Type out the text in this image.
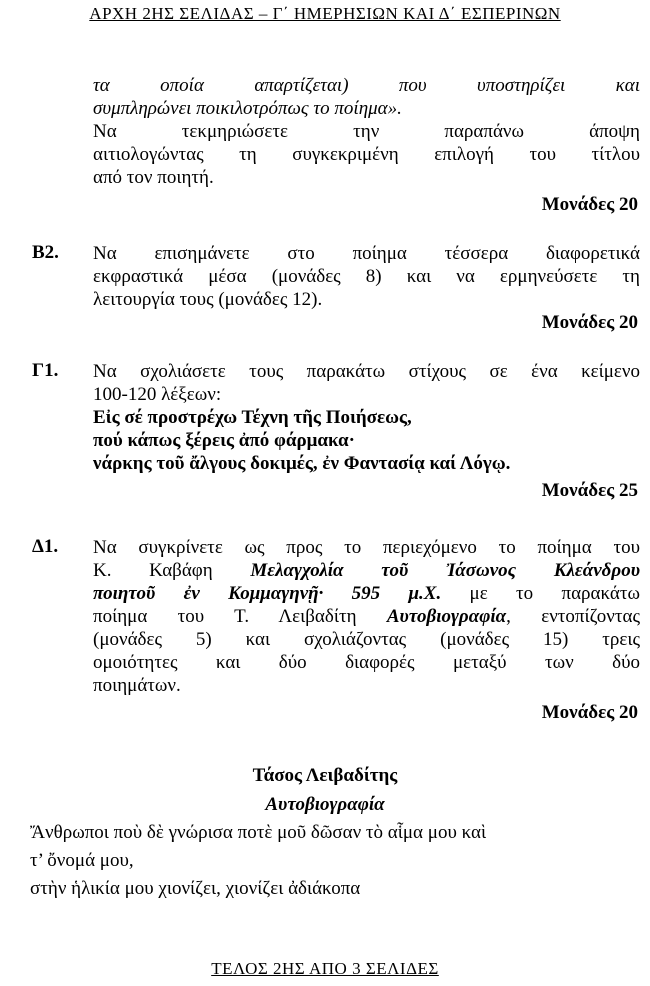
ΑΡΧΗ 2ΗΣ ΣΕΛΙΔΑΣ – Γ΄ ΗΜΕΡΗΣΙΩΝ ΚΑΙ Δ΄ ΕΣΠΕΡΙΝΩΝ
τα οποία απαρτίζεται) που υποστηρίζει και
συμπληρώνει ποικιλοτρόπως το ποίημα».
Να τεκμηριώσετε την παραπάνω άποψη
αιτιολογώντας τη συγκεκριμένη επιλογή του τίτλου
από τον ποιητή.
Μονάδες 20
Β2. Να επισημάνετε στο ποίημα τέσσερα διαφορετικά
εκφραστικά μέσα (μονάδες 8) και να ερμηνεύσετε τη
λειτουργία τους (μονάδες 12).
Μονάδες 20
Γ1. Να σχολιάσετε τους παρακάτω στίχους σε ένα κείμενο
100-120 λέξεων:
Εἰς σέ προστρέχω Τέχνη τῆς Ποιήσεως,
πού κάπως ξέρεις ἀπό φάρμακα·
νάρκης τοῦ ἄλγους δοκιμές, ἐν Φαντασίᾳ καί Λόγῳ.
Μονάδες 25
Δ1. Να συγκρίνετε ως προς το περιεχόμενο το ποίημα του
Κ. Καβάφη Μελαγχολία τοῦ Ἰάσωνος Κλεάνδρου
ποιητοῦ ἐν Κομμαγηνῇ· 595 μ.Χ. με το παρακάτω
ποίημα του Τ. Λειβαδίτη Αυτοβιογραφία, εντοπίζοντας
(μονάδες 5) και σχολιάζοντας (μονάδες 15) τρεις
ομοιότητες και δύο διαφορές μεταξύ των δύο
ποιημάτων.
Μονάδες 20
Τάσος Λειβαδίτης
Αυτοβιογραφία
Ἄνθρωποι ποὺ δὲ γνώρισα ποτὲ μοῦ δῶσαν τὸ αἷμα μου καὶ
τ’ ὄνομά μου,
στὴν ἡλικία μου χιονίζει, χιονίζει ἀδιάκοπα
ΤΕΛΟΣ 2ΗΣ ΑΠΟ 3 ΣΕΛΙΔΕΣ
